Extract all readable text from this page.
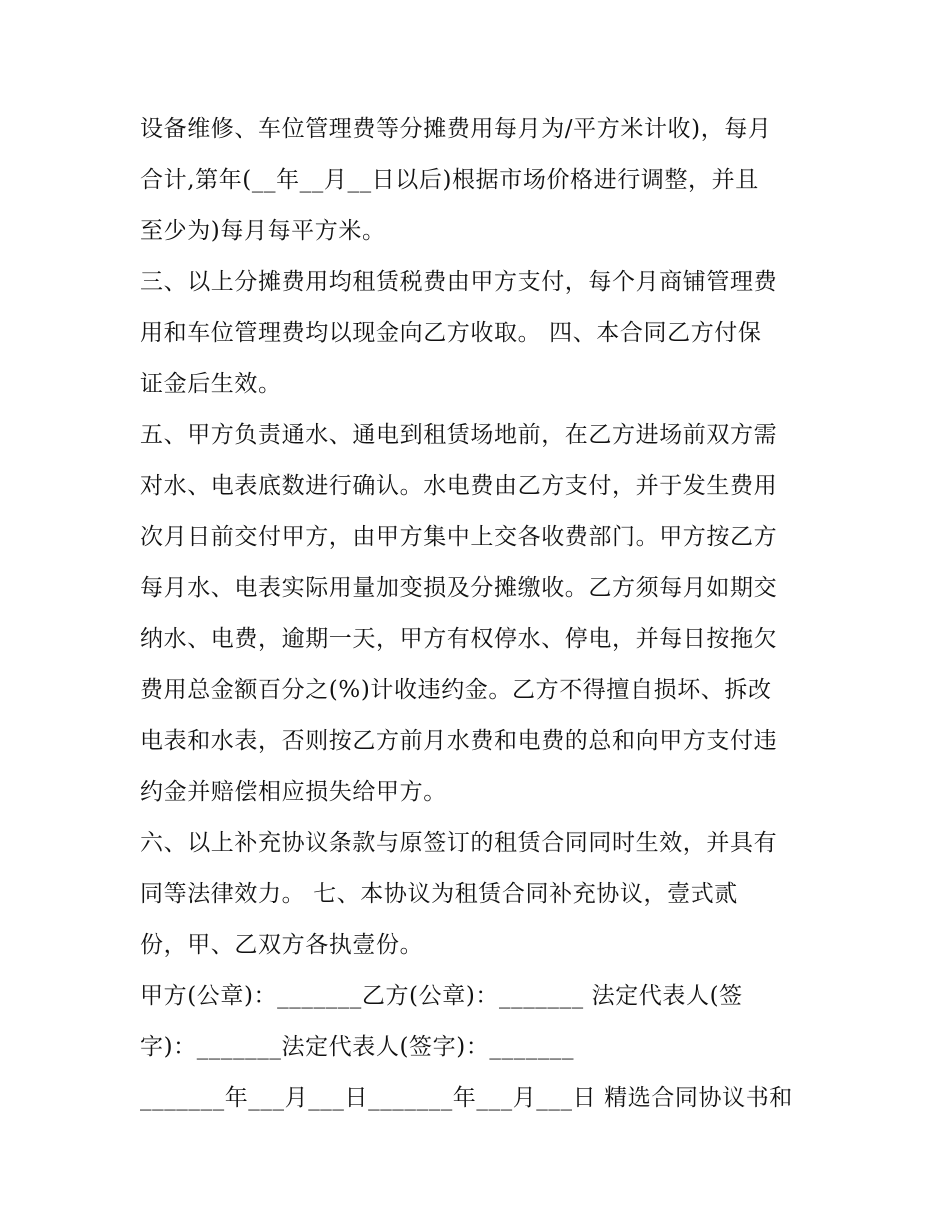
设备维修、车位管理费等分摊费用每月为/平方米计收)，每月
合计,第年(__年__月__日以后)根据市场价格进行调整，并且
至少为)每月每平方米。
三、以上分摊费用均租赁税费由甲方支付，每个月商铺管理费
用和车位管理费均以现金向乙方收取。 四、本合同乙方付保
证金后生效。
五、甲方负责通水、通电到租赁场地前，在乙方进场前双方需
对水、电表底数进行确认。水电费由乙方支付，并于发生费用
次月日前交付甲方，由甲方集中上交各收费部门。甲方按乙方
每月水、电表实际用量加变损及分摊缴收。乙方须每月如期交
纳水、电费，逾期一天，甲方有权停水、停电，并每日按拖欠
费用总金额百分之(%)计收违约金。乙方不得擅自损坏、拆改
电表和水表，否则按乙方前月水费和电费的总和向甲方支付违
约金并赔偿相应损失给甲方。
六、以上补充协议条款与原签订的租赁合同同时生效，并具有
同等法律效力。 七、本协议为租赁合同补充协议，壹式贰
份，甲、乙双方各执壹份。
甲方(公章)：_______乙方(公章)：_______ 法定代表人(签
字)：_______法定代表人(签字)：_______
_______年___月___日_______年___月___日 精选合同协议书和
